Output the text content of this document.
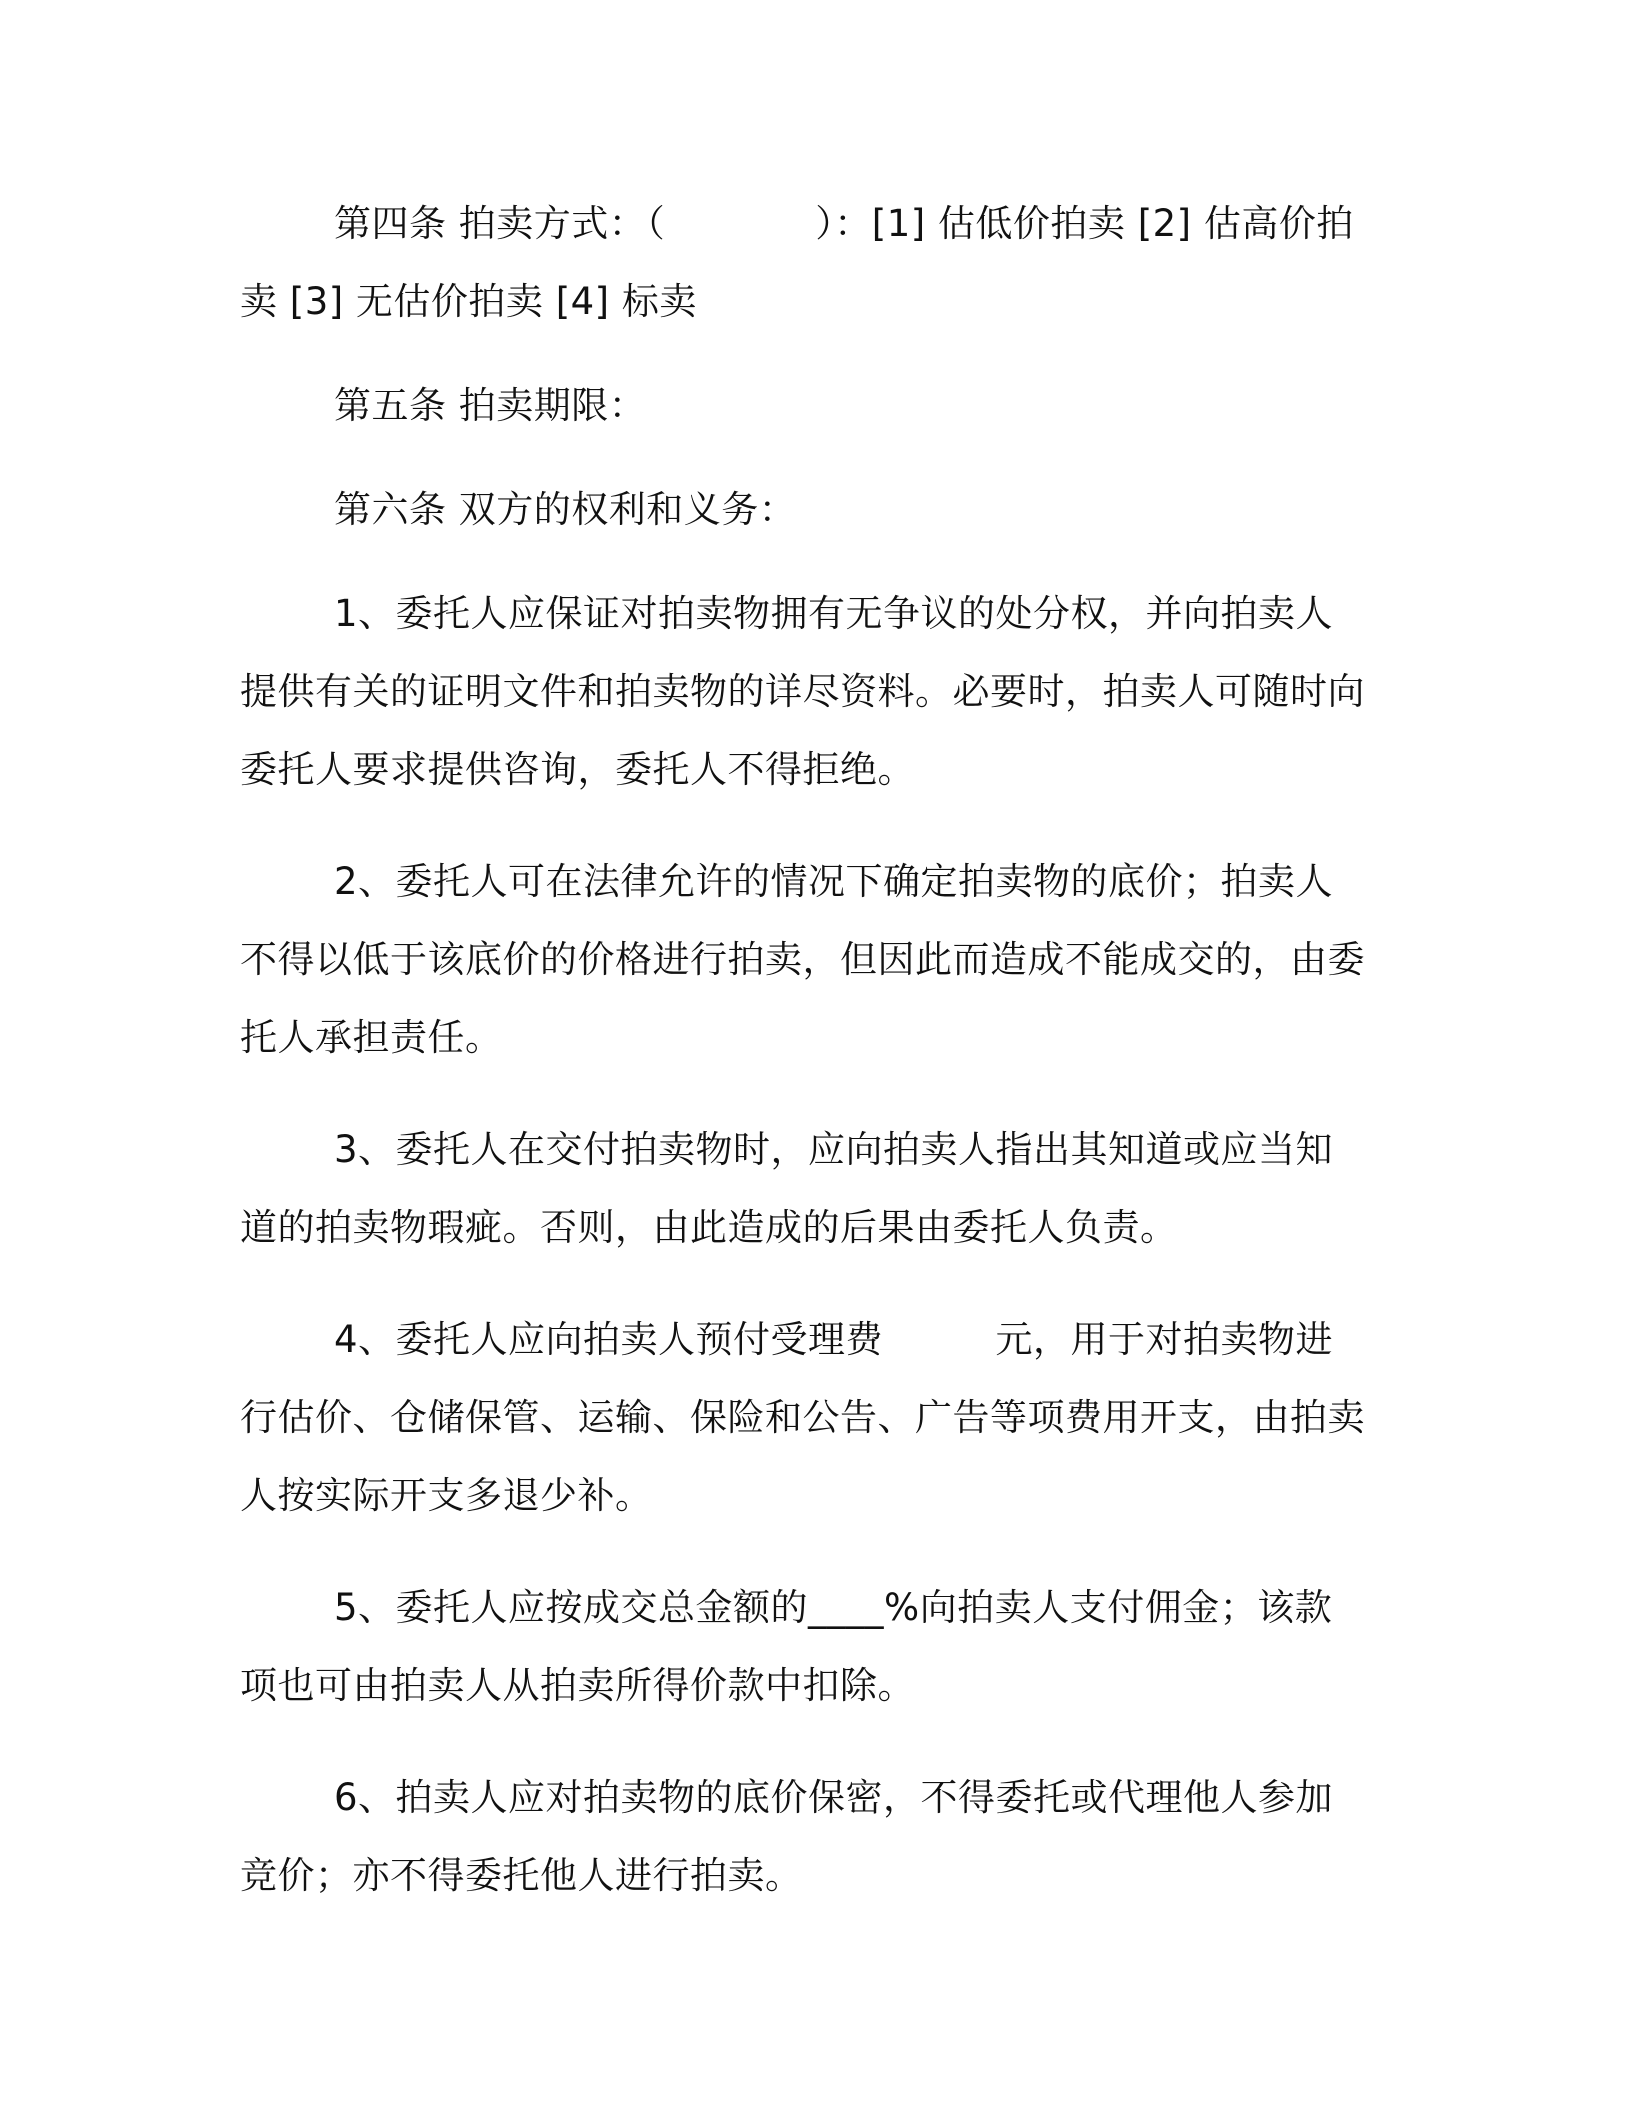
第四条 拍卖方式：（　　　　）：[1] 估低价拍卖 [2] 估高价拍卖 [3] 无估价拍卖 [4] 标卖

第五条 拍卖期限：

第六条 双方的权利和义务：

1、委托人应保证对拍卖物拥有无争议的处分权，并向拍卖人提供有关的证明文件和拍卖物的详尽资料。必要时，拍卖人可随时向委托人要求提供咨询，委托人不得拒绝。

2、委托人可在法律允许的情况下确定拍卖物的底价；拍卖人不得以低于该底价的价格进行拍卖，但因此而造成不能成交的，由委托人承担责任。

3、委托人在交付拍卖物时，应向拍卖人指出其知道或应当知道的拍卖物瑕疵。否则，由此造成的后果由委托人负责。

4、委托人应向拍卖人预付受理费　　　元，用于对拍卖物进行估价、仓储保管、运输、保险和公告、广告等项费用开支，由拍卖人按实际开支多退少补。

5、委托人应按成交总金额的____%向拍卖人支付佣金；该款项也可由拍卖人从拍卖所得价款中扣除。

6、拍卖人应对拍卖物的底价保密，不得委托或代理他人参加竞价；亦不得委托他人进行拍卖。
